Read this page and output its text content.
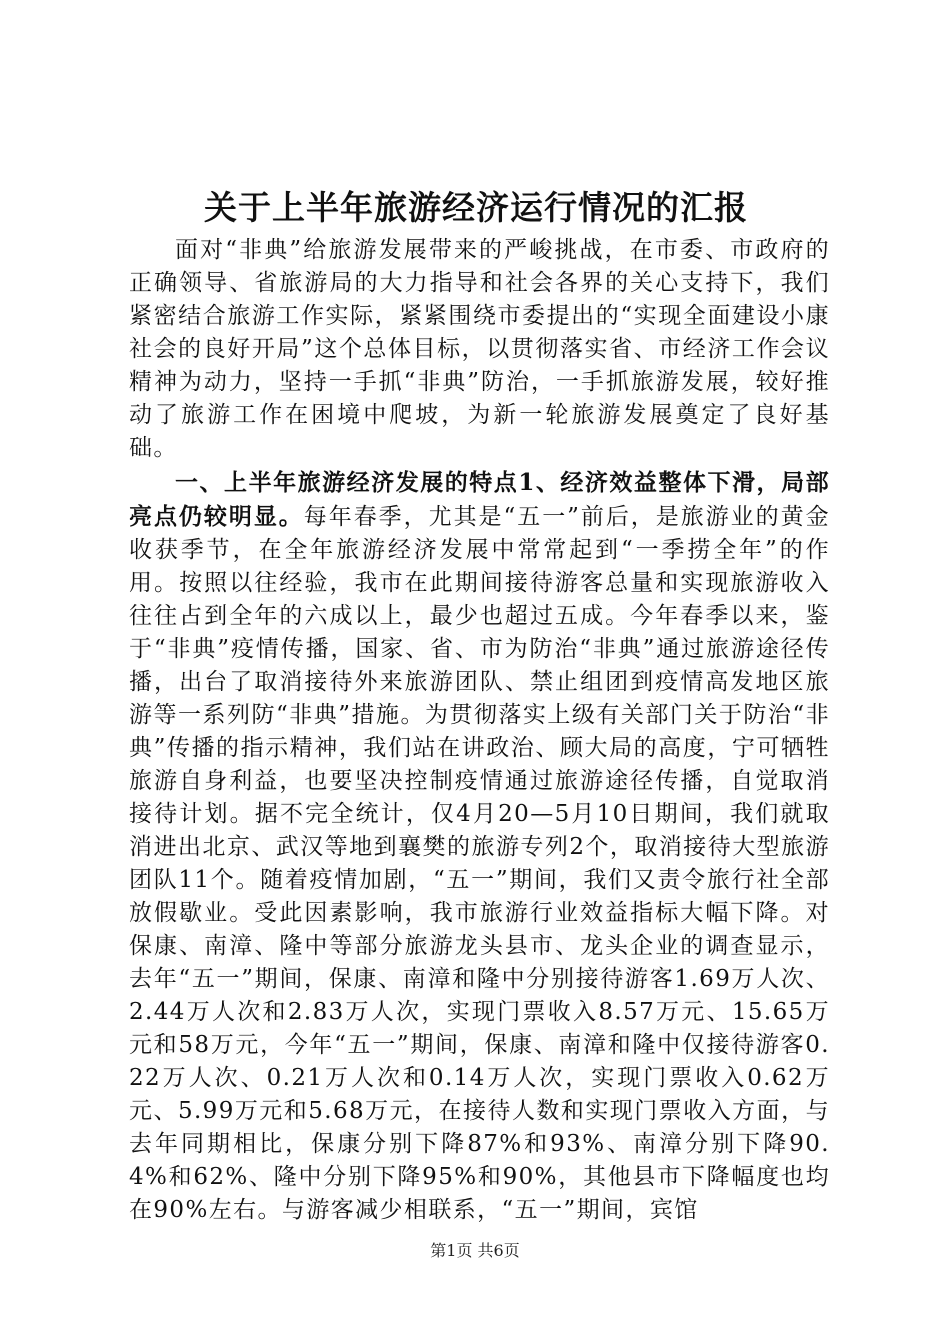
关于上半年旅游经济运行情况的汇报

面对“非典”给旅游发展带来的严峻挑战，在市委、市政府的正确领导、省旅游局的大力指导和社会各界的关心支持下，我们紧密结合旅游工作实际，紧紧围绕市委提出的“实现全面建设小康社会的良好开局”这个总体目标，以贯彻落实省、市经济工作会议精神为动力，坚持一手抓“非典”防治，一手抓旅游发展，较好推动了旅游工作在困境中爬坡，为新一轮旅游发展奠定了良好基础。

一、上半年旅游经济发展的特点1、经济效益整体下滑，局部亮点仍较明显。每年春季，尤其是“五一”前后，是旅游业的黄金收获季节，在全年旅游经济发展中常常起到“一季捞全年”的作用。按照以往经验，我市在此期间接待游客总量和实现旅游收入往往占到全年的六成以上，最少也超过五成。今年春季以来，鉴于“非典”疫情传播，国家、省、市为防治“非典”通过旅游途径传播，出台了取消接待外来旅游团队、禁止组团到疫情高发地区旅游等一系列防“非典”措施。为贯彻落实上级有关部门关于防治“非典”传播的指示精神，我们站在讲政治、顾大局的高度，宁可牺牲旅游自身利益，也要坚决控制疫情通过旅游途径传播，自觉取消接待计划。据不完全统计，仅4月20—5月10日期间，我们就取消进出北京、武汉等地到襄樊的旅游专列2个，取消接待大型旅游团队11个。随着疫情加剧，“五一”期间，我们又责令旅行社全部放假歇业。受此因素影响，我市旅游行业效益指标大幅下降。对保康、南漳、隆中等部分旅游龙头县市、龙头企业的调查显示，去年“五一”期间，保康、南漳和隆中分别接待游客1.69万人次、2.44万人次和2.83万人次，实现门票收入8.57万元、15.65万元和58万元，今年“五一”期间，保康、南漳和隆中仅接待游客0.22万人次、0.21万人次和0.14万人次，实现门票收入0.62万元、5.99万元和5.68万元，在接待人数和实现门票收入方面，与去年同期相比，保康分别下降87%和93%、南漳分别下降90.4%和62%、隆中分别下降95%和90%，其他县市下降幅度也均在90%左右。与游客减少相联系，“五一”期间，宾馆

第1页 共6页
